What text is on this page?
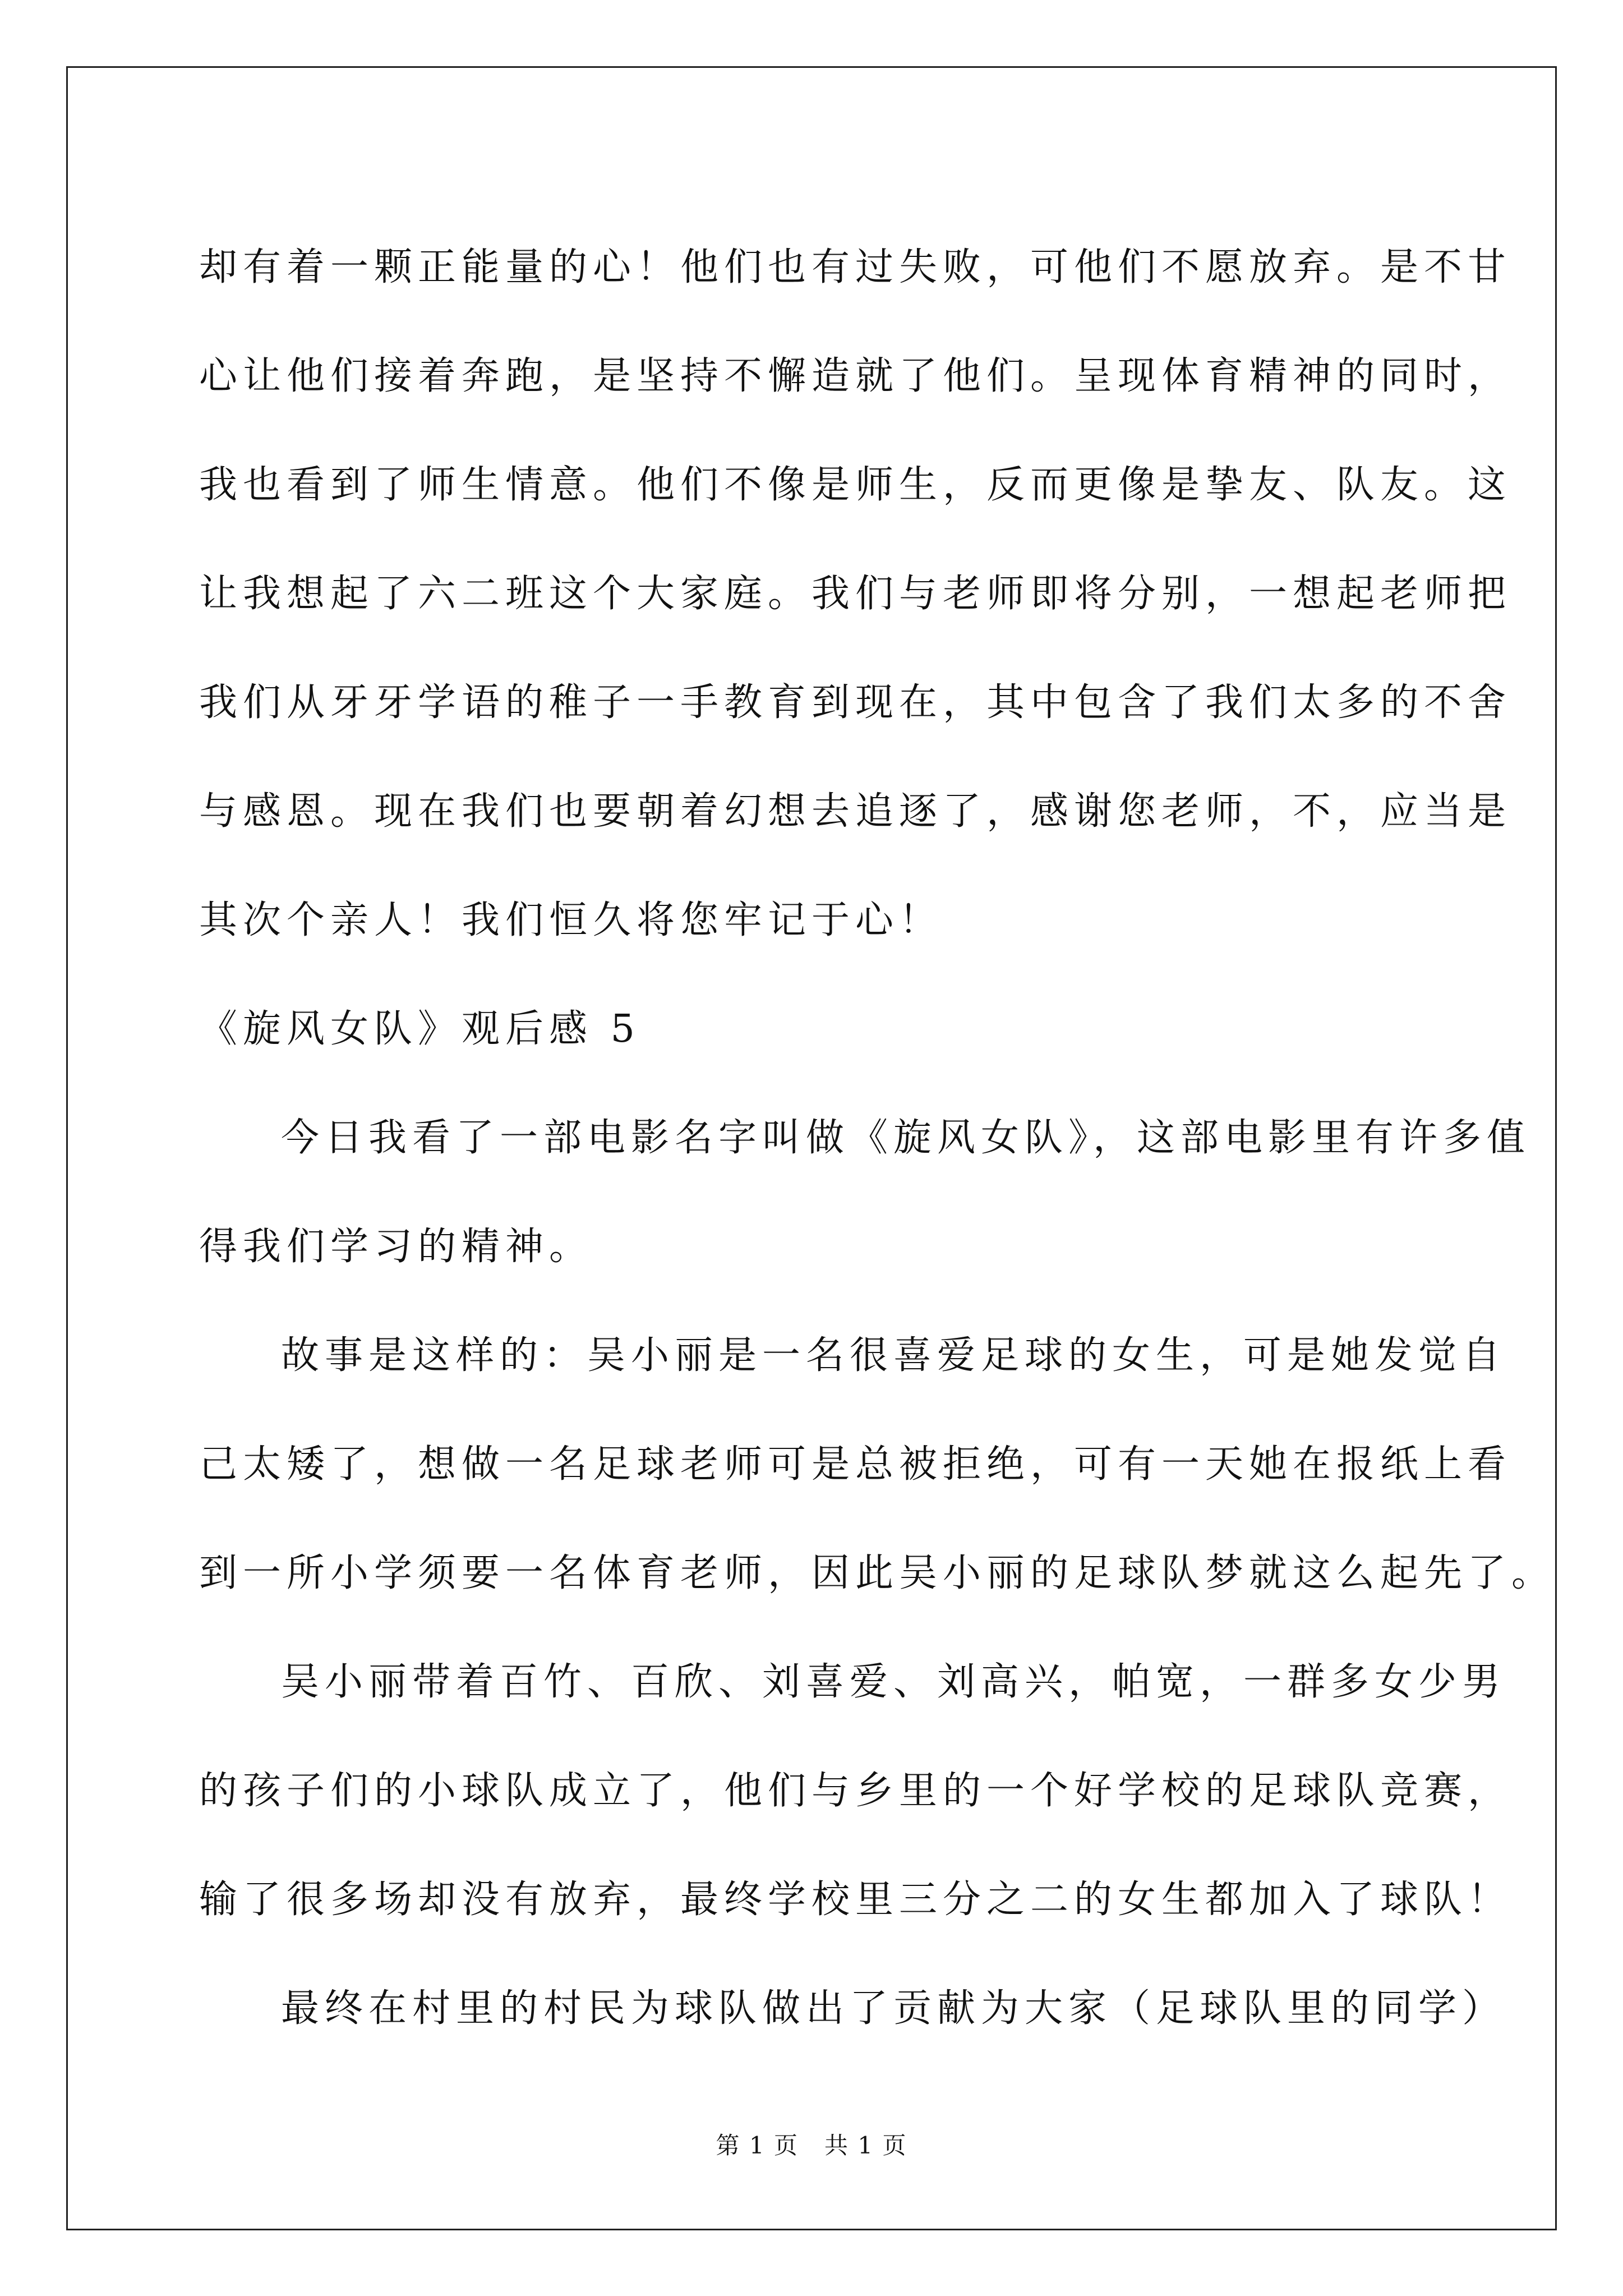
却有着一颗正能量的心！他们也有过失败，可他们不愿放弃。是不甘
心让他们接着奔跑，是坚持不懈造就了他们。呈现体育精神的同时，
我也看到了师生情意。他们不像是师生，反而更像是挚友、队友。这
让我想起了六二班这个大家庭。我们与老师即将分别，一想起老师把
我们从牙牙学语的稚子一手教育到现在，其中包含了我们太多的不舍
与感恩。现在我们也要朝着幻想去追逐了，感谢您老师，不，应当是
其次个亲人！我们恒久将您牢记于心！
《旋风女队》观后感 5
今日我看了一部电影名字叫做《旋风女队》，这部电影里有许多值
得我们学习的精神。
故事是这样的：吴小丽是一名很喜爱足球的女生，可是她发觉自
己太矮了，想做一名足球老师可是总被拒绝，可有一天她在报纸上看
到一所小学须要一名体育老师，因此吴小丽的足球队梦就这么起先了。
吴小丽带着百竹、百欣、刘喜爱、刘高兴，帕宽，一群多女少男
的孩子们的小球队成立了，他们与乡里的一个好学校的足球队竞赛，
输了很多场却没有放弃，最终学校里三分之二的女生都加入了球队！
最终在村里的村民为球队做出了贡献为大家（足球队里的同学）
第 1 页   共 1 页
